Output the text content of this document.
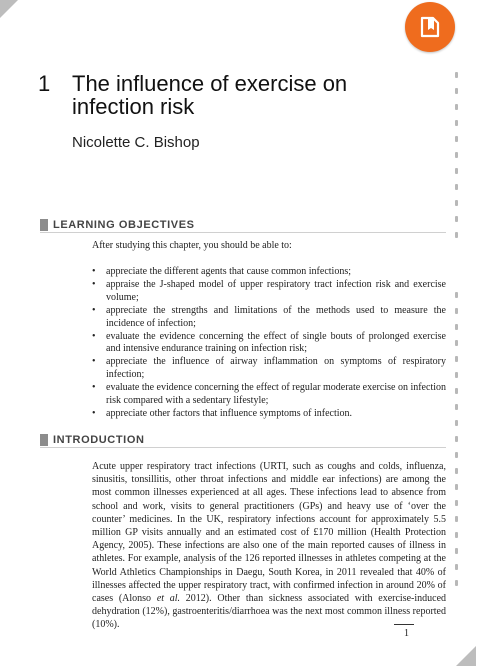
1 The influence of exercise on infection risk
Nicolette C. Bishop
LEARNING OBJECTIVES
After studying this chapter, you should be able to:
• appreciate the different agents that cause common infections;
• appraise the J-shaped model of upper respiratory tract infection risk and exercise volume;
• appreciate the strengths and limitations of the methods used to measure the incidence of infection;
• evaluate the evidence concerning the effect of single bouts of prolonged exercise and intensive endurance training on infection risk;
• appreciate the influence of airway inflammation on symptoms of respiratory infection;
• evaluate the evidence concerning the effect of regular moderate exercise on infection risk compared with a sedentary lifestyle;
• appreciate other factors that influence symptoms of infection.
INTRODUCTION

Acute upper respiratory tract infections (URTI, such as coughs and colds, influenza, sinusitis, tonsillitis, other throat infections and middle ear infections) are among the most common illnesses experienced at all ages. These infections lead to absence from school and work, visits to general practitioners (GPs) and heavy use of ‘over the counter’ medicines. In the UK, respiratory infections account for approximately 5.5 million GP visits annually and an estimated cost of £170 million (Health Protection Agency, 2005). These infections are also one of the main reported causes of illness in athletes. For example, analysis of the 126 reported illnesses in athletes competing at the World Athletics Championships in Daegu, South Korea, in 2011 revealed that 40% of illnesses affected the upper respiratory tract, with confirmed infection in around 20% of cases (Alonso et al. 2012). Other than sickness associated with exercise-induced dehydration (12%), gastroenteritis/diarrhoea was the next most common illness reported (10%).

1
